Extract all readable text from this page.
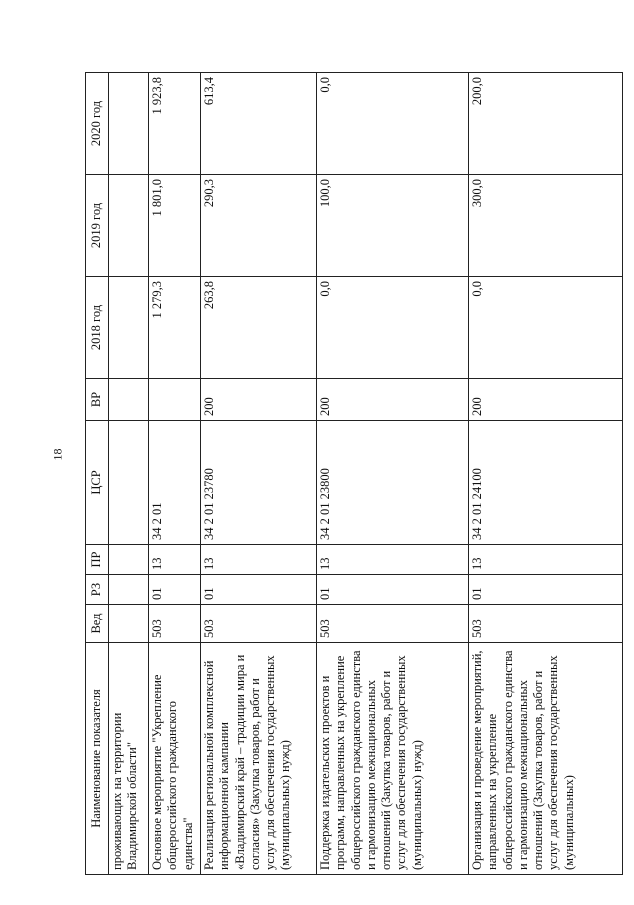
18
Наименование показателя	Вед	РЗ	ПР	ЦСР	ВР	2018 год	2019 год	2020 год
проживающих на территории Владимирской области"								
Основное мероприятие "Укрепление общероссийского гражданского единства"	503	01	13	34 2 01		1 279,3	1 801,0	1 923,8
Реализация региональной комплексной информационной кампании «Владимирский край – традиции мира и согласия» (Закупка товаров, работ и услуг для обеспечения государственных (муниципальных) нужд)	503	01	13	34 2 01 23780	200	263,8	290,3	613,4
Поддержка издательских проектов и программ, направленных на укрепление общероссийского гражданского единства и гармонизацию межнациональных отношений (Закупка товаров, работ и услуг для обеспечения государственных (муниципальных) нужд)	503	01	13	34 2 01 23800	200	0,0	100,0	0,0
Организация и проведение мероприятий, направленных на укрепление общероссийского гражданского единства и гармонизацию межнациональных отношений (Закупка товаров, работ и услуг для обеспечения государственных (муниципальных)	503	01	13	34 2 01 24100	200	0,0	300,0	200,0
